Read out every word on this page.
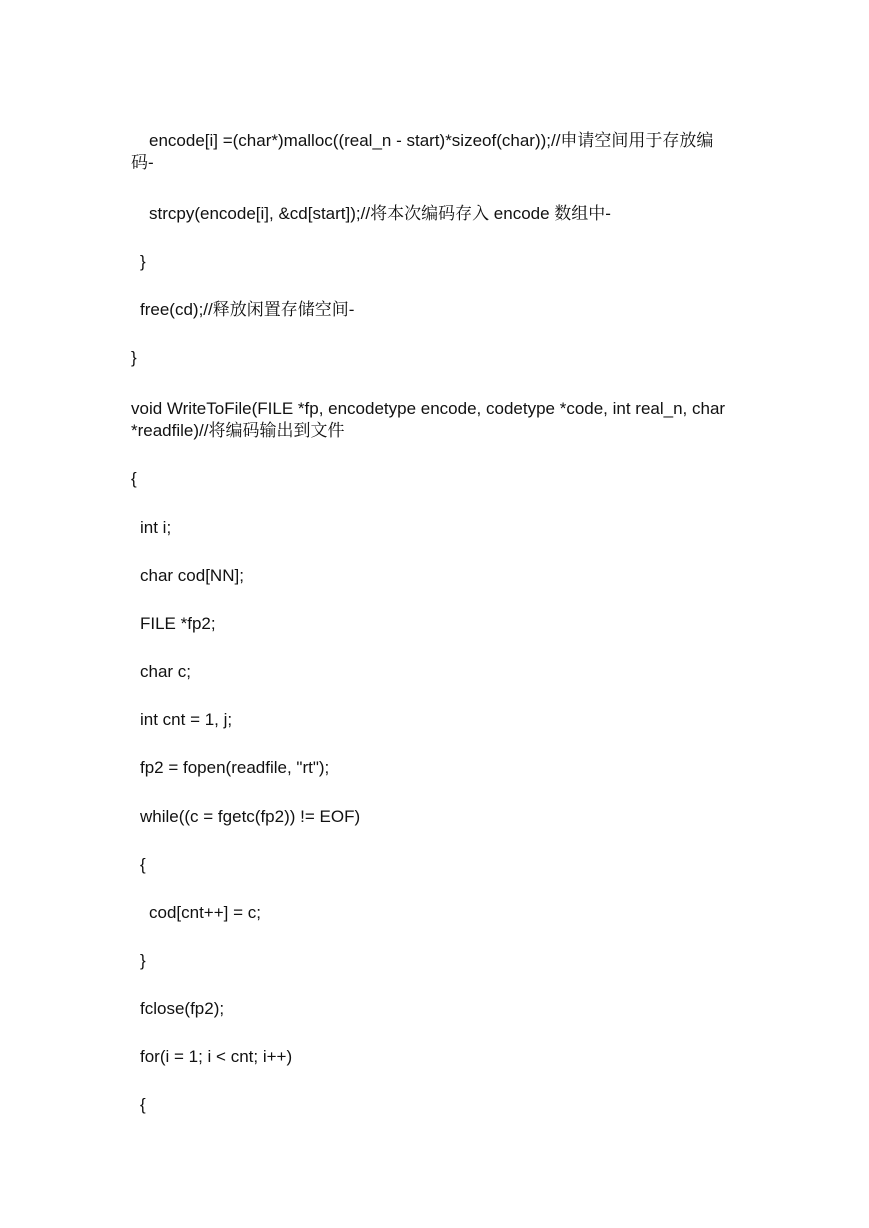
encode[i] =(char*)malloc((real_n - start)*sizeof(char));//申请空间用于存放编码-
strcpy(encode[i], &cd[start]);//将本次编码存入 encode 数组中-
}
free(cd);//释放闲置存储空间-
}
void WriteToFile(FILE *fp, encodetype encode, codetype *code, int real_n, char *readfile)//将编码输出到文件
{
int i;
char cod[NN];
FILE *fp2;
char c;
int cnt = 1, j;
fp2 = fopen(readfile, "rt");
while((c = fgetc(fp2)) != EOF)
{
cod[cnt++] = c;
}
fclose(fp2);
for(i = 1; i < cnt; i++)
{
